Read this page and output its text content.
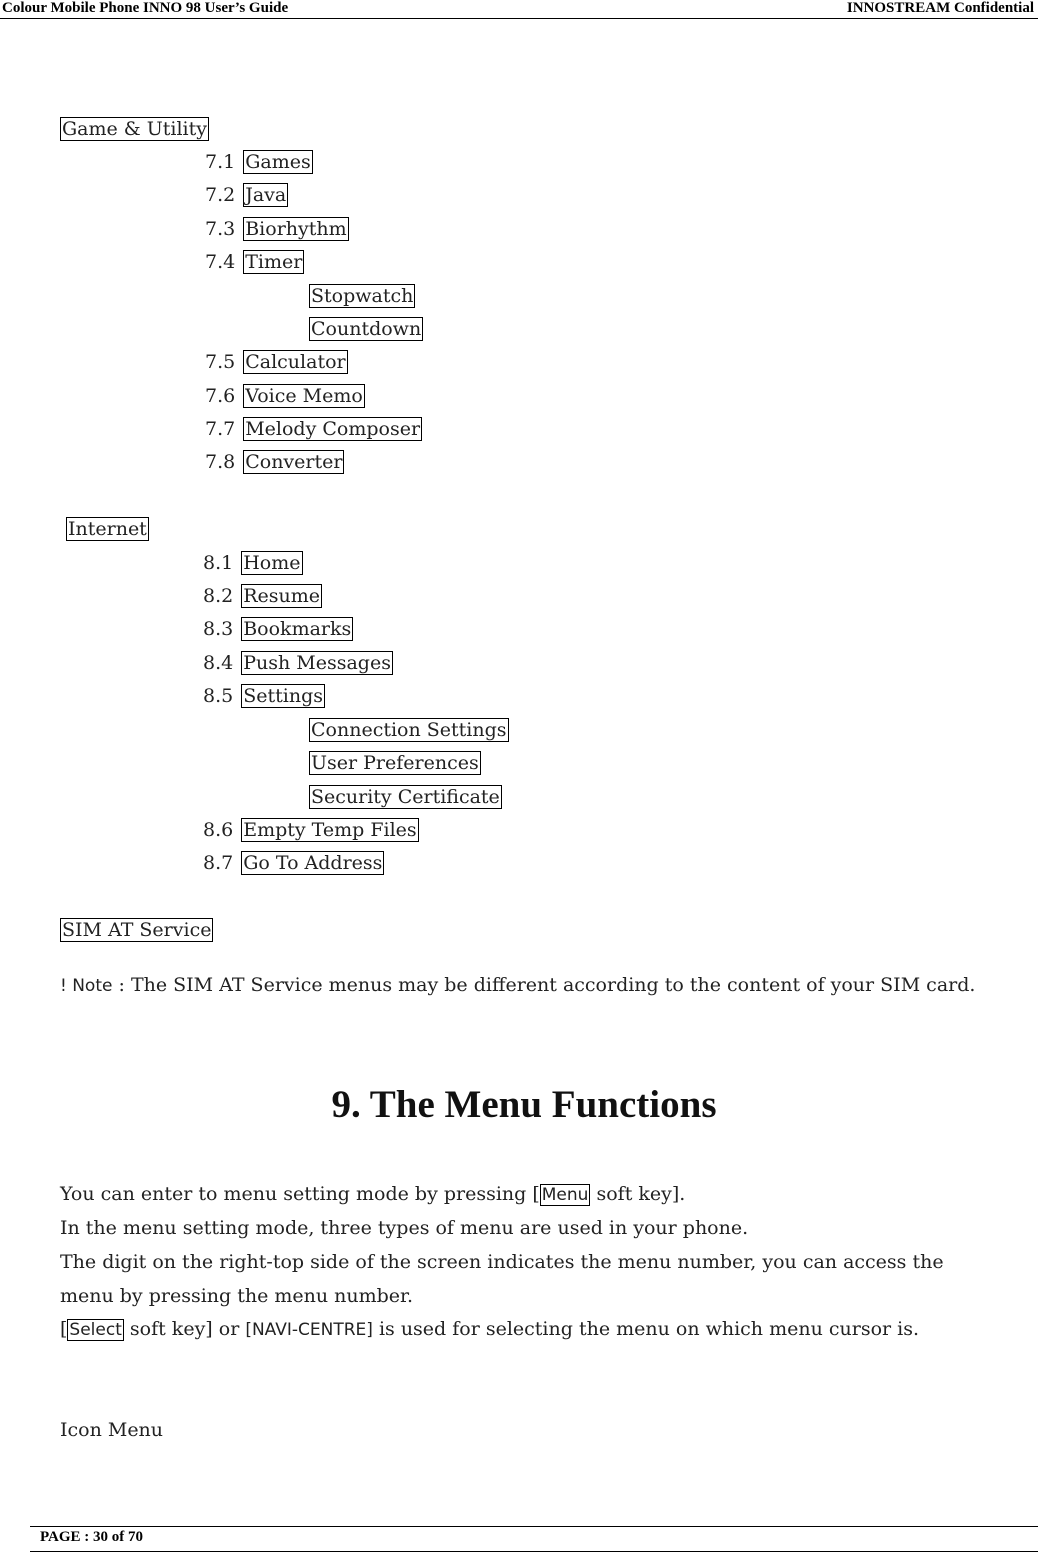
Colour Mobile Phone INNO 98 User’s Guide	INNOSTREAM Confidential
Game & Utility
7.1 Games
7.2 Java
7.3 Biorhythm
7.4 Timer
Stopwatch
Countdown
7.5 Calculator
7.6 Voice Memo
7.7 Melody Composer
7.8 Converter
Internet
8.1 Home
8.2 Resume
8.3 Bookmarks
8.4 Push Messages
8.5 Settings
Connection Settings
User Preferences
Security Certificate
8.6 Empty Temp Files
8.7 Go To Address
SIM AT Service
! Note : The SIM AT Service menus may be different according to the content of your SIM card.
9. The Menu Functions
You can enter to menu setting mode by pressing [ Menu soft key].
In the menu setting mode, three types of menu are used in your phone.
The digit on the right-top side of the screen indicates the menu number, you can access the
menu by pressing the menu number.
[ Select soft key] or [NAVI-CENTRE] is used for selecting the menu on which menu cursor is.
Icon Menu
PAGE : 30 of 70
